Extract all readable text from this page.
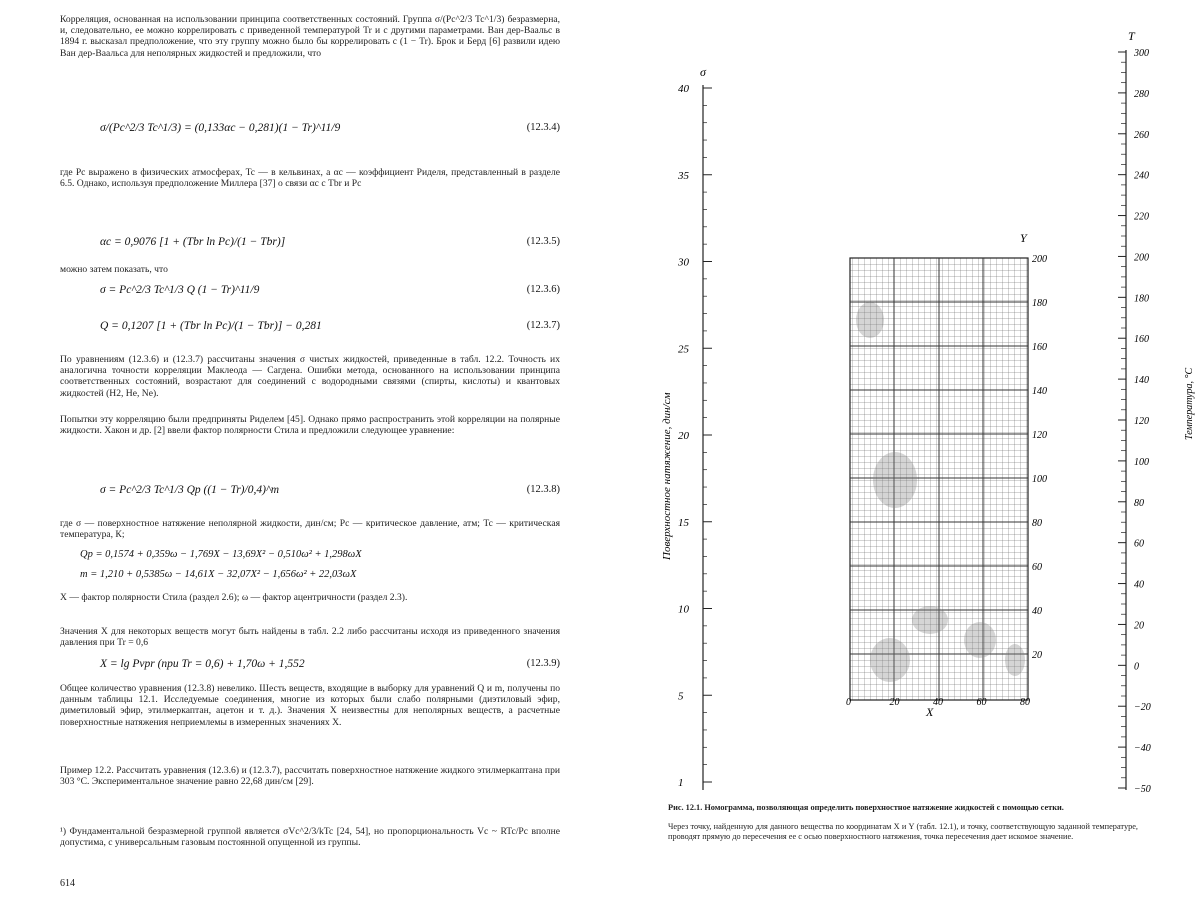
Корреляция, основанная на использовании принципа соответственных состояний. Группа σ/(Pc^2/3 Tc^1/3) безразмерна, и, следовательно, ее можно коррелировать с приведенной температурой Tr и с другими параметрами. Ван дер-Ваальс в 1894 г. высказал предположение, что эту группу можно было бы коррелировать с (1 − Tr). Брок и Берд [6] развили идею Ван дер-Ваальса для неполярных жидкостей и предложили, что

σ/(Pc^2/3 Tc^1/3) = (0,133αc − 0,281)(1 − Tr)^11/9	(12.3.4)

где Pc выражено в физических атмосферах, Tc — в кельвинах, а αc — коэффициент Риделя, представленный в разделе 6.5. Однако, используя предположение Миллера [37] о связи αc с Tbr и Pc

αc = 0,9076 [1 + (Tbr ln Pc)/(1 − Tbr)]	(12.3.5)

можно затем показать, что

σ = Pc^2/3 Tc^1/3 Q (1 − Tr)^11/9	(12.3.6)
Q = 0,1207 [1 + (Tbr ln Pc)/(1 − Tbr)] − 0,281	(12.3.7)

По уравнениям (12.3.6) и (12.3.7) рассчитаны значения σ чистых жидкостей, приведенные в табл. 12.2. Точность их аналогична точности корреляции Маклеода — Сагдена. Ошибки метода, основанного на использовании принципа соответственных состояний, возрастают для соединений с водородными связями (спирты, кислоты) и квантовых жидкостей (H2, He, Ne).

Попытки эту корреляцию были предприняты Риделем [45]. Однако прямо распространить этой корреляции на полярные жидкости. Хакон и др. [2] ввели фактор полярности Стила и предложили следующее уравнение:

σ = Pc^2/3 Tc^1/3 Qp ((1 − Tr)/0,4)^m	(12.3.8)

где σ — поверхностное натяжение неполярной жидкости, дин/см; Pc — критическое давление, атм; Tc — критическая температура, К;

Qp = 0,1574 + 0,359ω − 1,769X − 13,69X² − 0,510ω² + 1,298ωX
m = 1,210 + 0,5385ω − 14,61X − 32,07X² − 1,656ω² + 22,03ωX

X — фактор полярности Стила (раздел 2.6); ω — фактор ацентричности (раздел 2.3).

Значения X для некоторых веществ могут быть найдены в табл. 2.2 либо рассчитаны исходя из приведенного значения давления при Tr = 0,6

X = lg Pvpr (при Tr = 0,6) + 1,70ω + 1,552	(12.3.9)

Общее количество уравнения (12.3.8) невелико. Шесть веществ, входящие в выборку для уравнений Q и m, получены по данным таблицы 12.1. Исследуемые соединения, многие из которых были слабо полярными (диэтиловый эфир, диметиловый эфир, этилмеркаптан, ацетон и т. д.). Значения X неизвестны для неполярных веществ, а расчетные поверхностные натяжения неприемлемы в измеренных значениях X.

Пример 12.2. Рассчитать уравнения (12.3.6) и (12.3.7), рассчитать поверхностное натяжение жидкого этилмеркаптана при 303 °С. Экспериментальное значение равно 22,68 дин/см [29].

¹) Фундаментальной безразмерной группой является σVc^2/3/kTc [24, 54], но пропорциональность Vc ~ RTc/Pc вполне допустима, с универсальным газовым постоянной опущенной из группы.

614
σ
40
35
30
25
20
15
10
5
1
Поверхностное натяжение, дин/см
200
180
160
140
120
100
80
60
40
20
Y
0	20	40	60	80
X
T
300
280
260
240
220
200
180
160
140
120
100
80
60
40
20
0
−20
−40
−50
Температура, °C

Рис. 12.1. Номограмма, позволяющая определить поверхностное натяжение жидкостей с помощью сетки.

Через точку, найденную для данного вещества по координатам X и Y (табл. 12.1), и точку, соответствующую заданной температуре, проводят прямую до пересечения ее с осью поверхностного натяжения, точка пересечения дает искомое значение.
